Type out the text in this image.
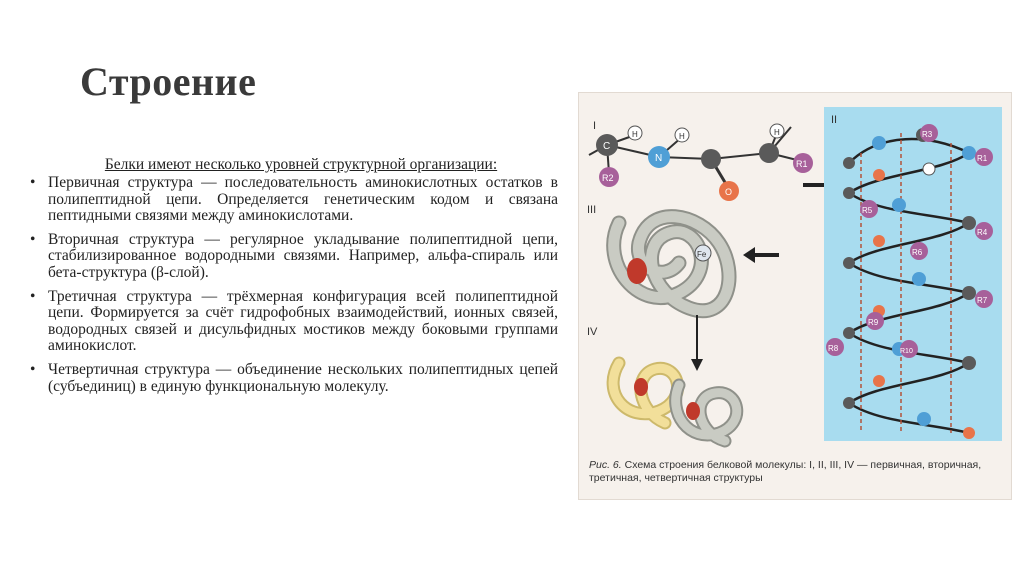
Строение
Белки имеют несколько уровней структурной организации:
• Первичная структура — последовательность аминокислотных остатков в полипептидной цепи. Определяется генетическим кодом и связана пептидными связями между аминокислотами.
• Вторичная структура — регулярное укладывание полипептидной цепи, стабилизированное водородными связями. Например, альфа-спираль или бета-структура (β-слой).
• Третичная структура — трёхмерная конфигурация всей полипептидной цепи. Формируется за счёт гидрофобных взаимодействий, ионных связей, водородных связей и дисульфидных мостиков между боковыми группами аминокислот.
• Четвертичная структура — объединение нескольких полипептидных цепей (субъединиц) в единую функциональную молекулу.
I
C
H
R2
N
H
O
H
R1
II
R3
R1
R5
R4
R6
R7
R9
R8	R10
III
Fe
IV
Рис. 6. Схема строения белковой молекулы: I, II, III, IV — первичная, вторичная, третичная, четвертичная структуры
